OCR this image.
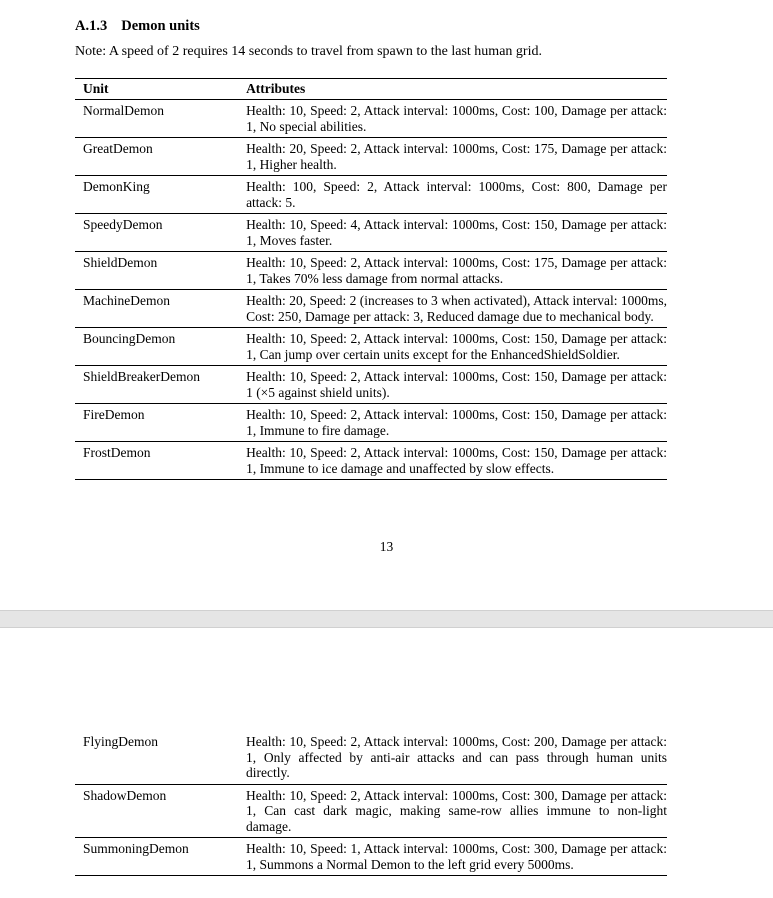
A.1.3 Demon units
Note: A speed of 2 requires 14 seconds to travel from spawn to the last human grid.
Unit	Attributes
NormalDemon	Health: 10, Speed: 2, Attack interval: 1000ms, Cost: 100, Damage per attack: 1, No special abilities.
GreatDemon	Health: 20, Speed: 2, Attack interval: 1000ms, Cost: 175, Damage per attack: 1, Higher health.
DemonKing	Health: 100, Speed: 2, Attack interval: 1000ms, Cost: 800, Damage per attack: 5.
SpeedyDemon	Health: 10, Speed: 4, Attack interval: 1000ms, Cost: 150, Damage per attack: 1, Moves faster.
ShieldDemon	Health: 10, Speed: 2, Attack interval: 1000ms, Cost: 175, Damage per attack: 1, Takes 70% less damage from normal attacks.
MachineDemon	Health: 20, Speed: 2 (increases to 3 when activated), Attack interval: 1000ms, Cost: 250, Damage per attack: 3, Reduced damage due to mechanical body.
BouncingDemon	Health: 10, Speed: 2, Attack interval: 1000ms, Cost: 150, Damage per attack: 1, Can jump over certain units except for the EnhancedShieldSoldier.
ShieldBreakerDemon	Health: 10, Speed: 2, Attack interval: 1000ms, Cost: 150, Damage per attack: 1 (×5 against shield units).
FireDemon	Health: 10, Speed: 2, Attack interval: 1000ms, Cost: 150, Damage per attack: 1, Immune to fire damage.
FrostDemon	Health: 10, Speed: 2, Attack interval: 1000ms, Cost: 150, Damage per attack: 1, Immune to ice damage and unaffected by slow effects.
13
FlyingDemon	Health: 10, Speed: 2, Attack interval: 1000ms, Cost: 200, Damage per attack: 1, Only affected by anti-air attacks and can pass through human units directly.
ShadowDemon	Health: 10, Speed: 2, Attack interval: 1000ms, Cost: 300, Damage per attack: 1, Can cast dark magic, making same-row allies immune to non-light damage.
SummoningDemon	Health: 10, Speed: 1, Attack interval: 1000ms, Cost: 300, Damage per attack: 1, Summons a Normal Demon to the left grid every 5000ms.
